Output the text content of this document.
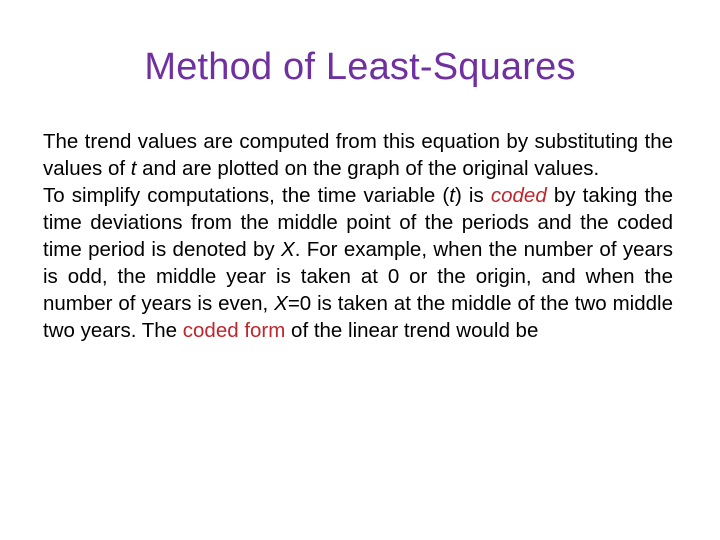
Method of Least-Squares

The trend values are computed from this equation by substituting the values of t and are plotted on the graph of the original values.

To simplify computations, the time variable (t) is coded by taking the time deviations from the middle point of the periods and the coded time period is denoted by X. For example, when the number of years is odd, the middle year is taken at 0 or the origin, and when the number of years is even, X=0 is taken at the middle of the two middle two years. The coded form of the linear trend would be
